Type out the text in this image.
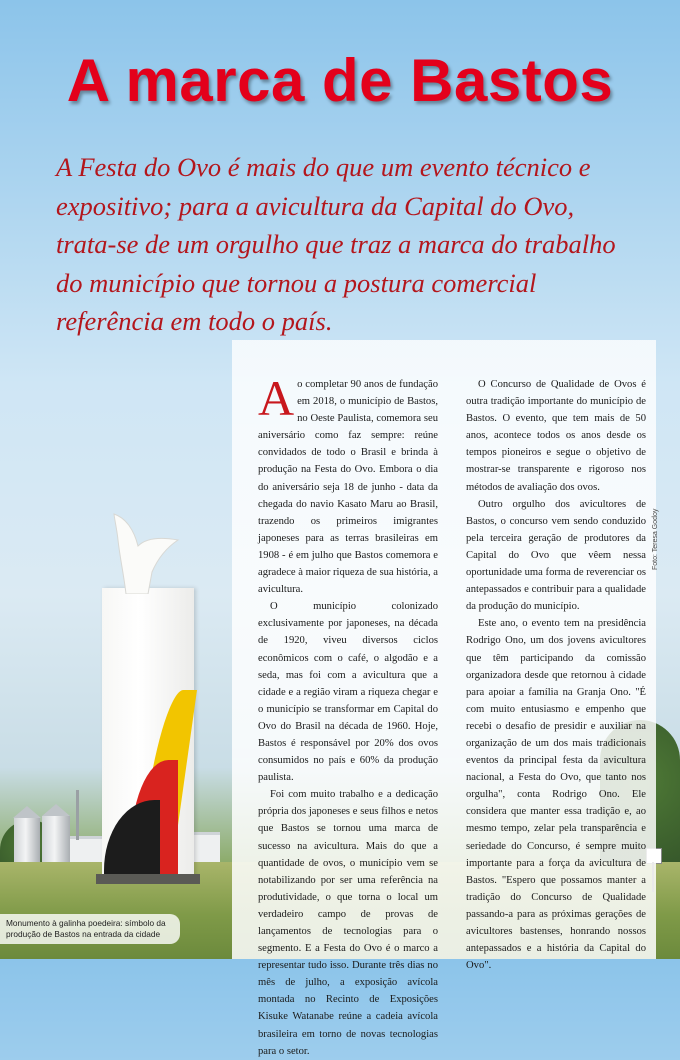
A marca de Bastos

A Festa do Ovo é mais do que um evento técnico e expositivo; para a avicultura da Capital do Ovo, trata-se de um orgulho que traz a marca do trabalho do município que tornou a postura comercial referência em todo o país.

Ao completar 90 anos de fundação em 2018, o município de Bastos, no Oeste Paulista, comemora seu aniversário como faz sempre: reúne convidados de todo o Brasil e brinda à produção na Festa do Ovo. Embora o dia do aniversário seja 18 de junho - data da chegada do navio Kasato Maru ao Brasil, trazendo os primeiros imigrantes japoneses para as terras brasileiras em 1908 - é em julho que Bastos comemora e agradece à maior riqueza de sua história, a avicultura.

O município colonizado exclusivamente por japoneses, na década de 1920, viveu diversos ciclos econômicos com o café, o algodão e a seda, mas foi com a avicultura que a cidade e a região viram a riqueza chegar e o município se transformar em Capital do Ovo do Brasil na década de 1960. Hoje, Bastos é responsável por 20% dos ovos consumidos no país e 60% da produção paulista.

Foi com muito trabalho e a dedicação própria dos japoneses e seus filhos e netos que Bastos se tornou uma marca de sucesso na avicultura. Mais do que a quantidade de ovos, o município vem se notabilizando por ser uma referência na produtividade, o que torna o local um verdadeiro campo de provas de lançamentos de tecnologias para o segmento. E a Festa do Ovo é o marco a representar tudo isso. Durante três dias no mês de julho, a exposição avícola montada no Recinto de Exposições Kisuke Watanabe reúne a cadeia avícola brasileira em torno de novas tecnologias para o setor.

O Concurso de Qualidade de Ovos é outra tradição importante do município de Bastos. O evento, que tem mais de 50 anos, acontece todos os anos desde os tempos pioneiros e segue o objetivo de mostrar-se transparente e rigoroso nos métodos de avaliação dos ovos.

Outro orgulho dos avicultores de Bastos, o concurso vem sendo conduzido pela terceira geração de produtores da Capital do Ovo que vêem nessa oportunidade uma forma de reverenciar os antepassados e contribuir para a qualidade da produção do município.

Este ano, o evento tem na presidência Rodrigo Ono, um dos jovens avicultores que têm participando da comissão organizadora desde que retornou à cidade para apoiar a família na Granja Ono. "É com muito entusiasmo e empenho que recebi o desafio de presidir e auxiliar na organização de um dos mais tradicionais eventos da principal festa da avicultura nacional, a Festa do Ovo, que tanto nos orgulha", conta Rodrigo Ono. Ele considera que manter essa tradição e, ao mesmo tempo, zelar pela transparência e seriedade do Concurso, é sempre muito importante para a força da avicultura de Bastos. "Espero que possamos manter a tradição do Concurso de Qualidade passando-a para as próximas gerações de avicultores bastenses, honrando nossos antepassados e a história da Capital do Ovo".

Foto: Teresa Godoy
Monumento à galinha poedeira: símbolo da produção de Bastos na entrada da cidade
